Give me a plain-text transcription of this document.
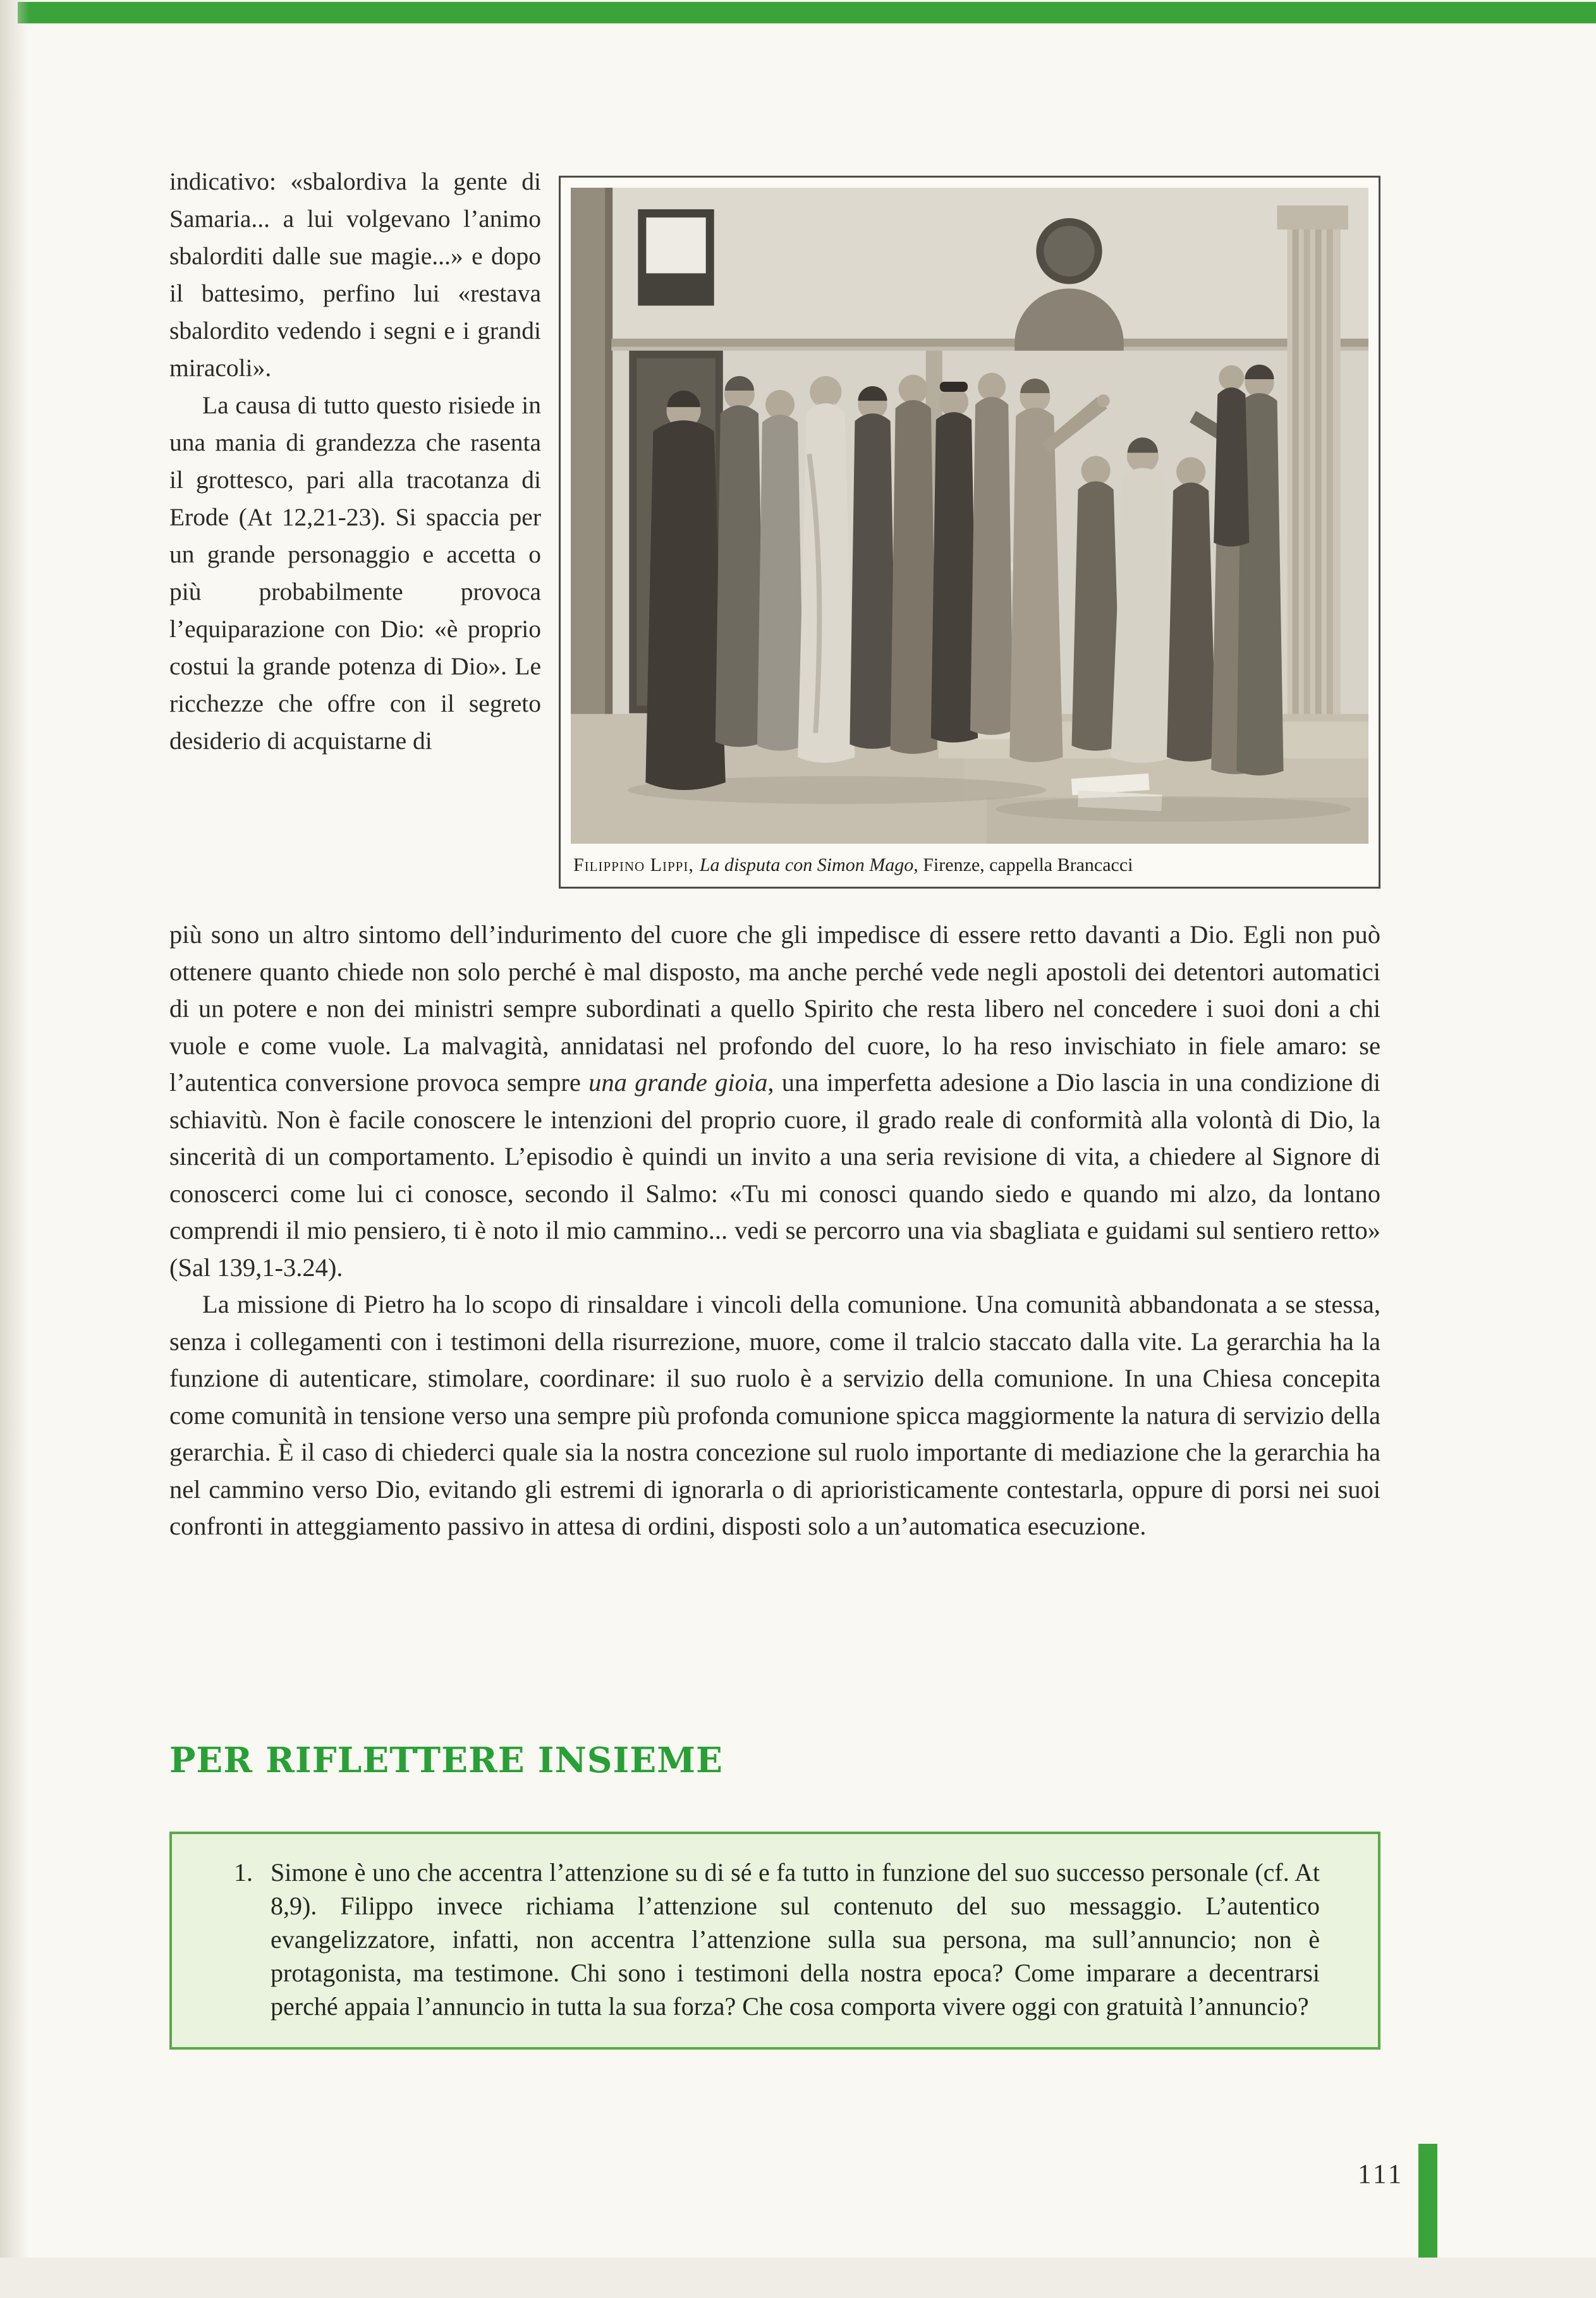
indicativo: «sbalordiva la gente di Samaria... a lui volgevano l’animo sbalorditi dalle sue magie...» e dopo il battesimo, perfino lui «restava sbalordito vedendo i segni e i grandi miracoli».

La causa di tutto questo risiede in una mania di grandezza che rasenta il grottesco, pari alla tracotanza di Erode (At 12,21-23). Si spaccia per un grande personaggio e accetta o più probabilmente provoca l’equiparazione con Dio: «è proprio costui la grande potenza di Dio». Le ricchezze che offre con il segreto desiderio di acquistarne di

Filippino Lippi, La disputa con Simon Mago, Firenze, cappella Brancacci

più sono un altro sintomo dell’indurimento del cuore che gli impedisce di essere retto davanti a Dio. Egli non può ottenere quanto chiede non solo perché è mal disposto, ma anche perché vede negli apostoli dei detentori automatici di un potere e non dei ministri sempre subordinati a quello Spirito che resta libero nel concedere i suoi doni a chi vuole e come vuole. La malvagità, annidatasi nel profondo del cuore, lo ha reso invischiato in fiele amaro: se l’autentica conversione provoca sempre una grande gioia, una imperfetta adesione a Dio lascia in una condizione di schiavitù. Non è facile conoscere le intenzioni del proprio cuore, il grado reale di conformità alla volontà di Dio, la sincerità di un comportamento. L’episodio è quindi un invito a una seria revisione di vita, a chiedere al Signore di conoscerci come lui ci conosce, secondo il Salmo: «Tu mi conosci quando siedo e quando mi alzo, da lontano comprendi il mio pensiero, ti è noto il mio cammino... vedi se percorro una via sbagliata e guidami sul sentiero retto» (Sal 139,1-3.24).

La missione di Pietro ha lo scopo di rinsaldare i vincoli della comunione. Una comunità abbandonata a se stessa, senza i collegamenti con i testimoni della risurrezione, muore, come il tralcio staccato dalla vite. La gerarchia ha la funzione di autenticare, stimolare, coordinare: il suo ruolo è a servizio della comunione. In una Chiesa concepita come comunità in tensione verso una sempre più profonda comunione spicca maggiormente la natura di servizio della gerarchia. È il caso di chiederci quale sia la nostra concezione sul ruolo importante di mediazione che la gerarchia ha nel cammino verso Dio, evitando gli estremi di ignorarla o di aprioristicamente contestarla, oppure di porsi nei suoi confronti in atteggiamento passivo in attesa di ordini, disposti solo a un’automatica esecuzione.

PER RIFLETTERE INSIEME
1. Simone è uno che accentra l’attenzione su di sé e fa tutto in funzione del suo successo personale (cf. At 8,9). Filippo invece richiama l’attenzione sul contenuto del suo messaggio. L’autentico evangelizzatore, infatti, non accentra l’attenzione sulla sua persona, ma sull’annuncio; non è protagonista, ma testimone. Chi sono i testimoni della nostra epoca? Come imparare a decentrarsi perché appaia l’annuncio in tutta la sua forza? Che cosa comporta vivere oggi con gratuità l’annuncio?
111
